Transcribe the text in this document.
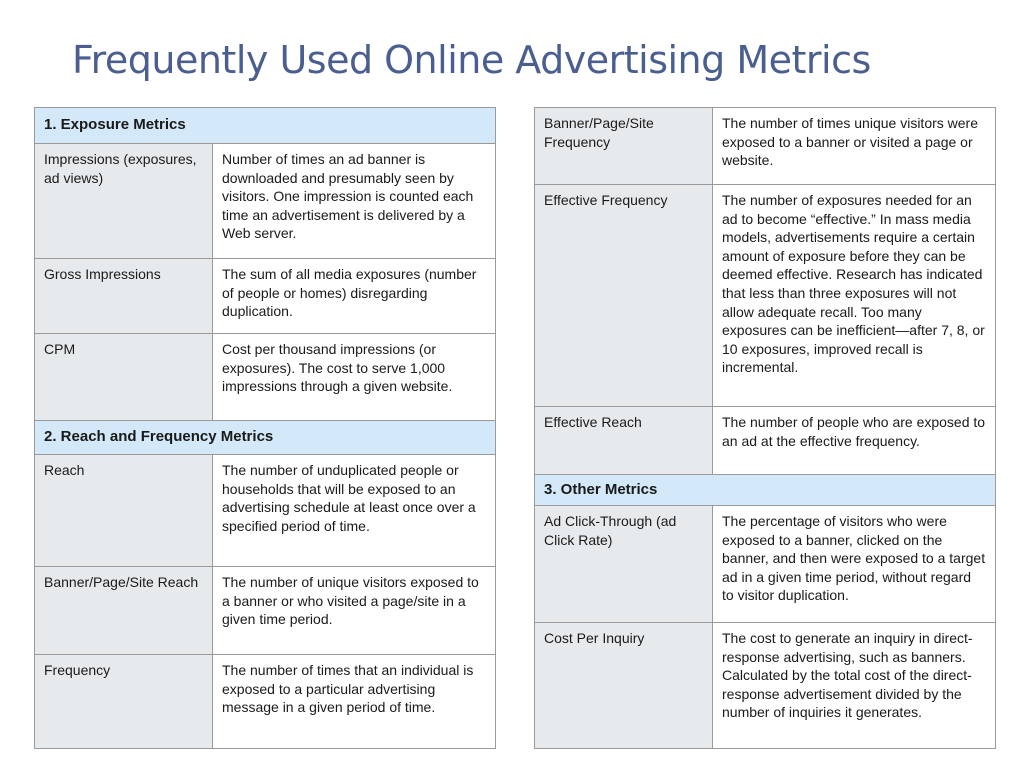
Frequently Used Online Advertising Metrics
1. Exposure Metrics	
Impressions (exposures, ad views)	Number of times an ad banner is downloaded and presumably seen by visitors. One impression is counted each time an advertisement is delivered by a Web server.
Gross Impressions	The sum of all media exposures (number of people or homes) disregarding duplication.
CPM	Cost per thousand impressions (or exposures). The cost to serve 1,000 impressions through a given website.
2. Reach and Frequency Metrics	
Reach	The number of unduplicated people or households that will be exposed to an advertising schedule at least once over a specified period of time.
Banner/Page/Site Reach	The number of unique visitors exposed to a banner or who visited a page/site in a given time period.
Frequency	The number of times that an individual is exposed to a particular advertising message in a given period of time.
Banner/Page/Site Frequency	The number of times unique visitors were exposed to a banner or visited a page or website.
Effective Frequency	The number of exposures needed for an ad to become “effective.” In mass media models, advertisements require a certain amount of exposure before they can be deemed effective. Research has indicated that less than three exposures will not allow adequate recall. Too many exposures can be inefficient—after 7, 8, or 10 exposures, improved recall is incremental.
Effective Reach	The number of people who are exposed to an ad at the effective frequency.
3. Other Metrics	
Ad Click-Through (ad Click Rate)	The percentage of visitors who were exposed to a banner, clicked on the banner, and then were exposed to a target ad in a given time period, without regard to visitor duplication.
Cost Per Inquiry	The cost to generate an inquiry in direct-response advertising, such as banners. Calculated by the total cost of the direct-response advertisement divided by the number of inquiries it generates.
